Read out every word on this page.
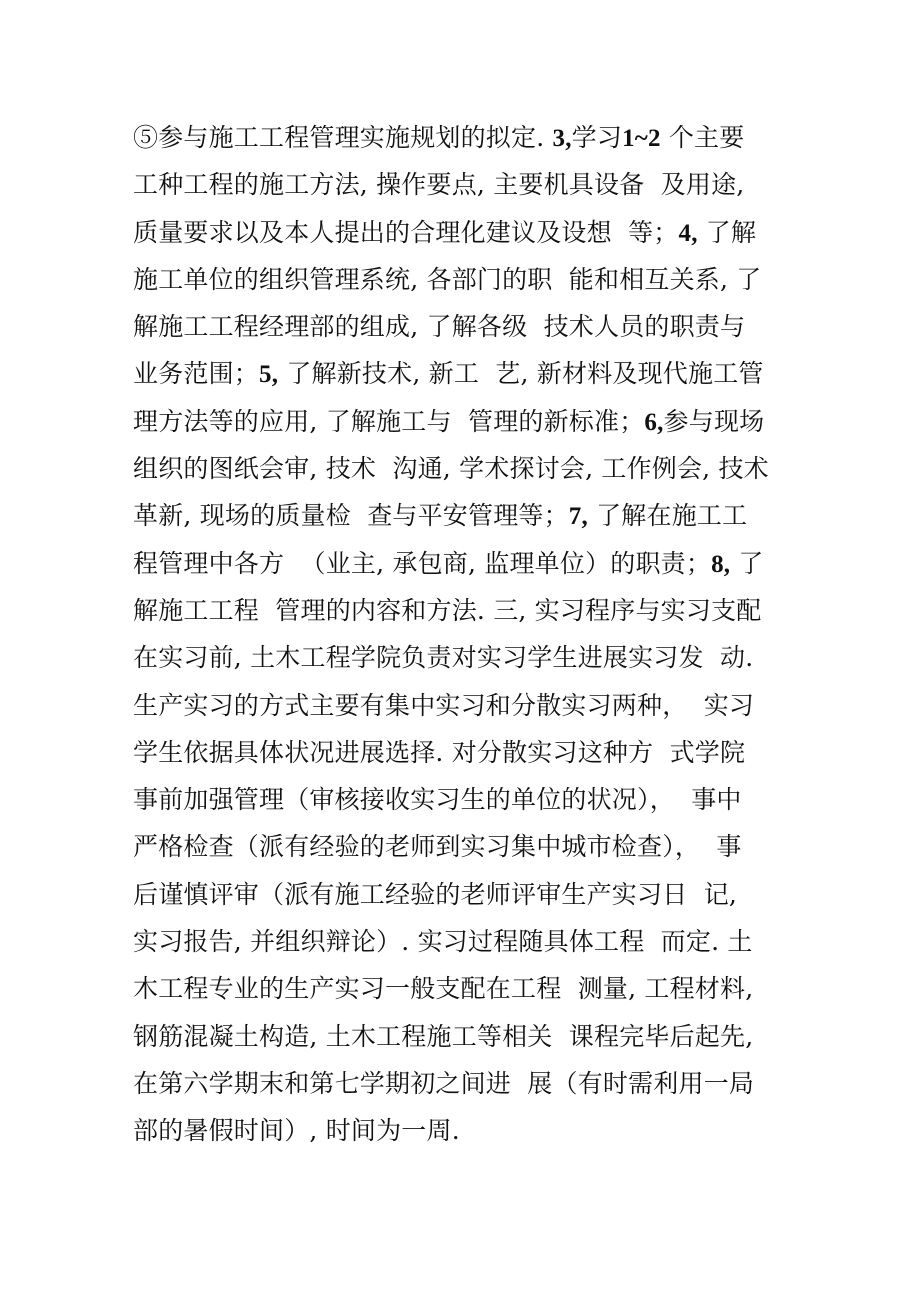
⑤参与施工工程管理实施规划的拟定. 3,学习1~2 个主要
工种工程的施工方法, 操作要点, 主要机具设备  及用途,
质量要求以及本人提出的合理化建议及设想  等；4, 了解
施工单位的组织管理系统, 各部门的职  能和相互关系, 了
解施工工程经理部的组成, 了解各级  技术人员的职责与
业务范围；5, 了解新技术, 新工  艺, 新材料及现代施工管
理方法等的应用, 了解施工与  管理的新标准；6,参与现场
组织的图纸会审, 技术  沟通, 学术探讨会, 工作例会, 技术
革新, 现场的质量检  查与平安管理等；7, 了解在施工工
程管理中各方  （业主, 承包商, 监理单位）的职责；8, 了
解施工工程  管理的内容和方法. 三, 实习程序与实习支配
在实习前, 土木工程学院负责对实习学生进展实习发  动.
生产实习的方式主要有集中实习和分散实习两种，  实习
学生依据具体状况进展选择. 对分散实习这种方  式学院
事前加强管理（审核接收实习生的单位的状况），  事中
严格检查（派有经验的老师到实习集中城市检查），  事
后谨慎评审（派有施工经验的老师评审生产实习日  记,
实习报告, 并组织辩论）. 实习过程随具体工程  而定. 土
木工程专业的生产实习一般支配在工程  测量, 工程材料,
钢筋混凝土构造, 土木工程施工等相关  课程完毕后起先,
在第六学期末和第七学期初之间进  展（有时需利用一局
部的暑假时间）, 时间为一周.
